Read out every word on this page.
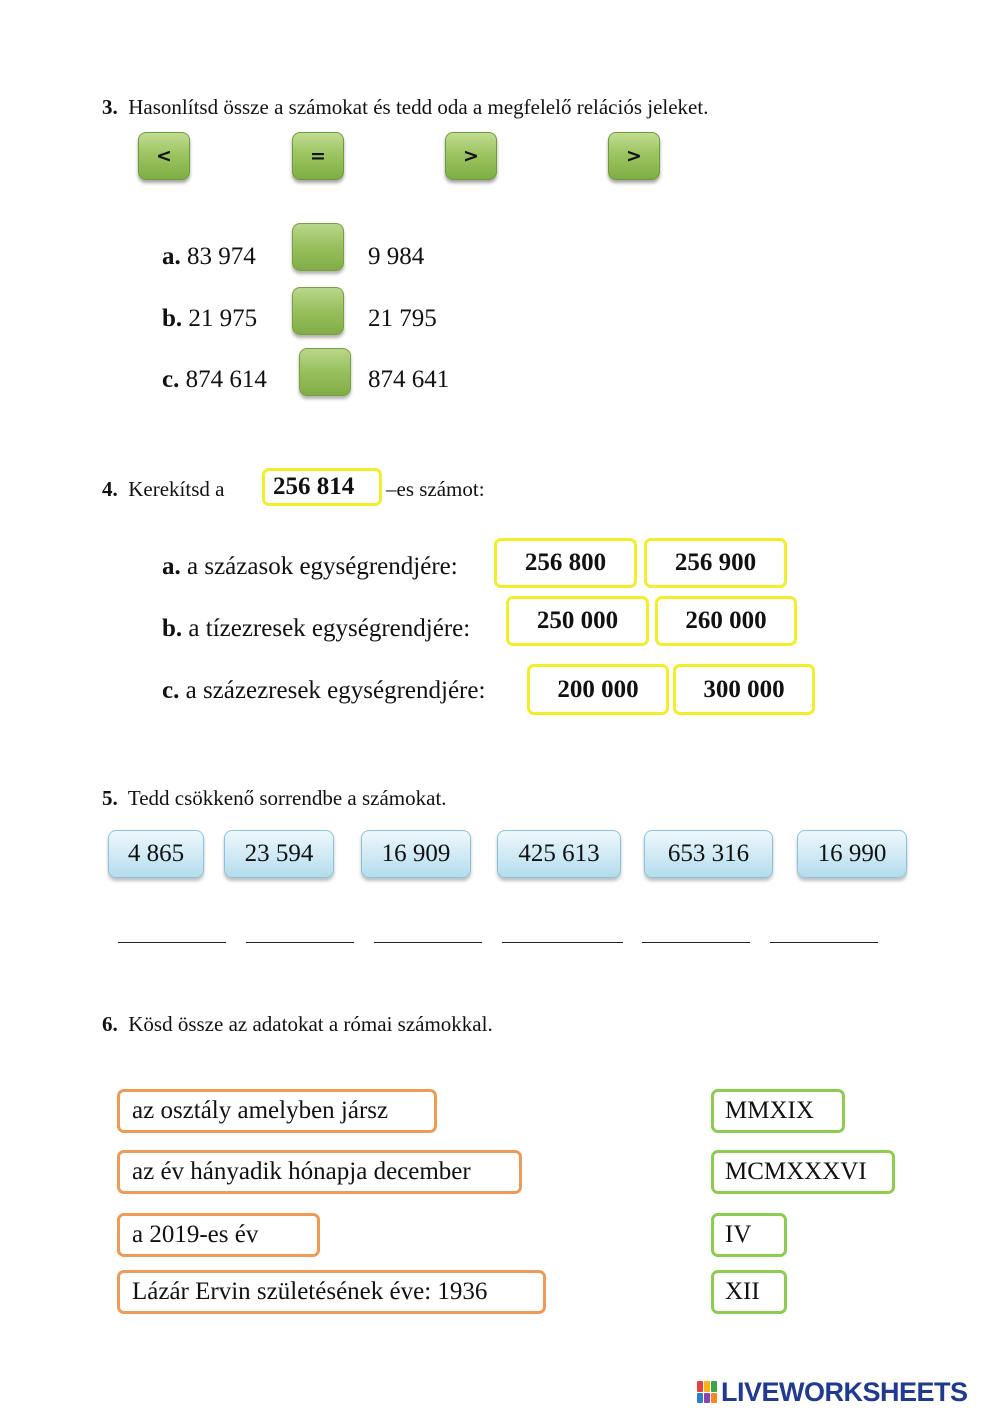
3. Hasonlítsd össze a számokat és tedd oda a megfelelő relációs jeleket.
<	=	>	>
a. 83 974	9 984
b. 21 975	21 795
c. 874 614	874 641
4. Kerekítsd a	256 814	–es számot:
a. a százasok egységrendjére:	256 800	256 900
b. a tízezresek egységrendjére:	250 000	260 000
c. a százezresek egységrendjére:	200 000	300 000
5. Tedd csökkenő sorrendbe a számokat.
4 865	23 594	16 909	425 613	653 316	16 990
6. Kösd össze az adatokat a római számokkal.
az osztály amelyben jársz
az év hányadik hónapja december
a 2019-es év
Lázár Ervin születésének éve: 1936
MMXIX
MCMXXXVI
IV
XII
LIVEWORKSHEETS
